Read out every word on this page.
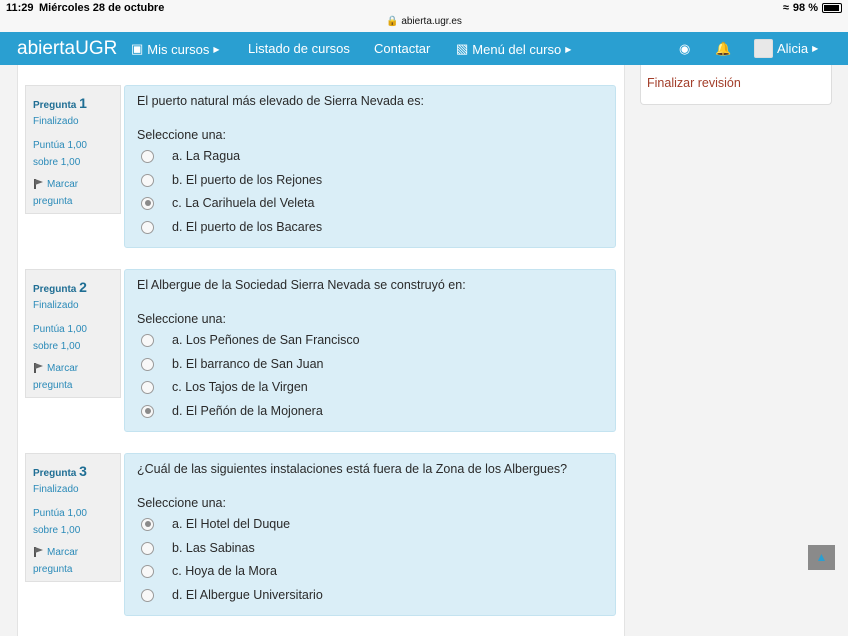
11:29 Miércoles 28 de octubre
🔒 abierta.ugr.es
≈ 98 %
abiertaUGR ▣ Mis cursos ▶ Listado de cursos Contactar ▧ Menú del curso ▶	◉ 🔔	Alicia ▶
Finalizar revisión
Pregunta 1
Finalizado
Puntúa 1,00
sobre 1,00
Marcar
pregunta
El puerto natural más elevado de Sierra Nevada es:
Seleccione una:
a. La Ragua
b. El puerto de los Rejones
c. La Carihuela del Veleta
d. El puerto de los Bacares
Pregunta 2
Finalizado
Puntúa 1,00
sobre 1,00
Marcar
pregunta
El Albergue de la Sociedad Sierra Nevada se construyó en:
Seleccione una:
a. Los Peñones de San Francisco
b. El barranco de San Juan
c. Los Tajos de la Virgen
d. El Peñón de la Mojonera
Pregunta 3
Finalizado
Puntúa 1,00
sobre 1,00
Marcar
pregunta
¿Cuál de las siguientes instalaciones está fuera de la Zona de los Albergues?
Seleccione una:
a. El Hotel del Duque
b. Las Sabinas
c. Hoya de la Mora
d. El Albergue Universitario
▲
